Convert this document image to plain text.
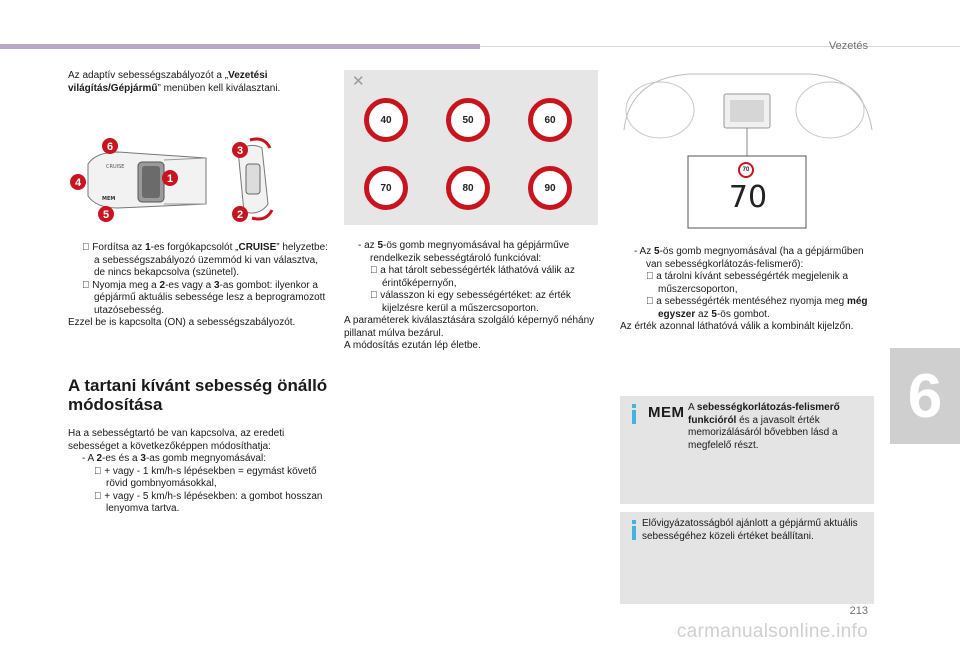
Vezetés
6

Az adaptív sebességszabályozót a „Vezetési világítás/Gépjármű” menüben kell kiválasztani.

CRUISE
MEM
6
4
5
1
3
2

Fordítsa az 1-es forgókapcsolót „CRUISE” helyzetbe: a sebességszabályozó üzemmód ki van választva, de nincs bekapcsolva (szünetel).

Nyomja meg a 2-es vagy a 3-as gombot: ilyenkor a gépjármű aktuális sebessége lesz a beprogramozott utazósebesség.

Ezzel be is kapcsolta (ON) a sebességszabályozót.

A tartani kívánt sebesség önálló módosítása

Ha a sebességtartó be van kapcsolva, az eredeti sebességet a következőképpen módosíthatja:

- A 2-es és a 3-as gomb megnyomásával:

+ vagy - 1 km/h-s lépésekben = egymást követő rövid gombnyomásokkal,

+ vagy - 5 km/h-s lépésekben: a gombot hosszan lenyomva tartva.

✕
40	50	60
70	80	90

- az 5-ös gomb megnyomásával ha gépjárműve rendelkezik sebességtároló funkcióval:

a hat tárolt sebességérték láthatóvá válik az érintőképernyőn,

válasszon ki egy sebességértéket: az érték kijelzésre kerül a műszercsoporton.

A paraméterek kiválasztására szolgáló képernyő néhány pillanat múlva bezárul.

A módosítás ezután lép életbe.

70
70

- Az 5-ös gomb megnyomásával (ha a gépjárműben van sebességkorlátozás-felismerő):

a tárolni kívánt sebességérték megjelenik a műszercsoporton,

a sebességérték mentéséhez nyomja meg még egyszer az 5-ös gombot.

Az érték azonnal láthatóvá válik a kombinált kijelzőn.

MEM A sebességkorlátozás-felismerő funkcióról és a javasolt érték memorizálásáról bővebben lásd a megfelelő részt.

Elővigyázatosságból ajánlott a gépjármű aktuális sebességéhez közeli értéket beállítani.
213
carmanualsonline.info
